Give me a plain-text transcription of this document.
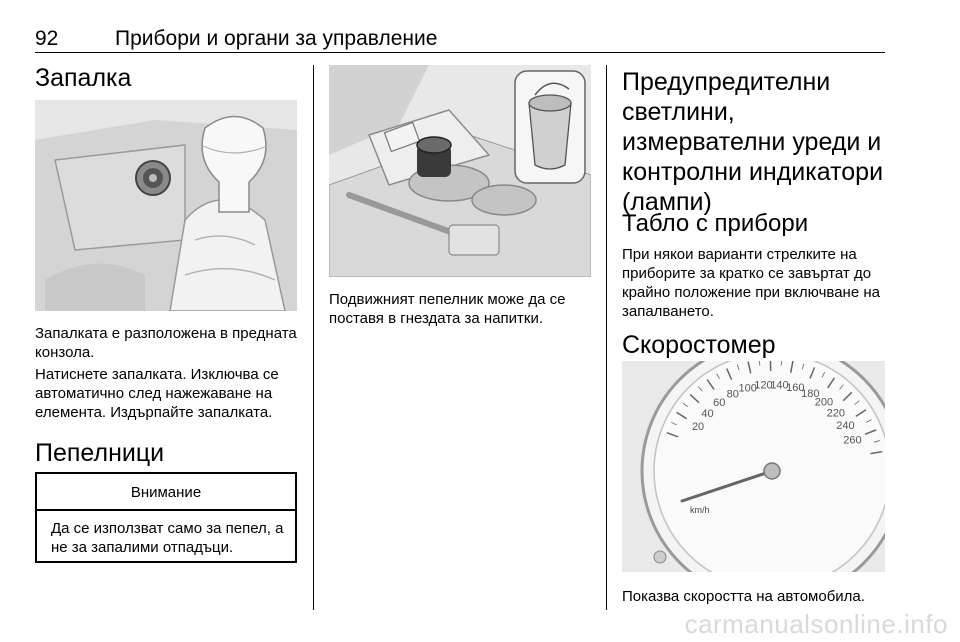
92	Прибори и органи за управление
Запалка
Запалката е разположена в предната конзола.
Натиснете запалката. Изключва се автоматично след нажежаване на елемента. Издърпайте запалката.
Пепелници
Внимание
Да се използват само за пепел, а не за запалими отпадъци.
Подвижният пепелник може да се поставя в гнездата за напитки.
Предупредителни светлини, измервателни уреди и контролни индикатори (лампи)
Табло с прибори
При някои варианти стрелките на приборите за кратко се завъртат до крайно положение при включване на запалването.
Скоростомер
20
40
60
80 100
120
140
160
180
200
220
240
260
km/h
Показва скоростта на автомобила.
carmanualsonline.info
